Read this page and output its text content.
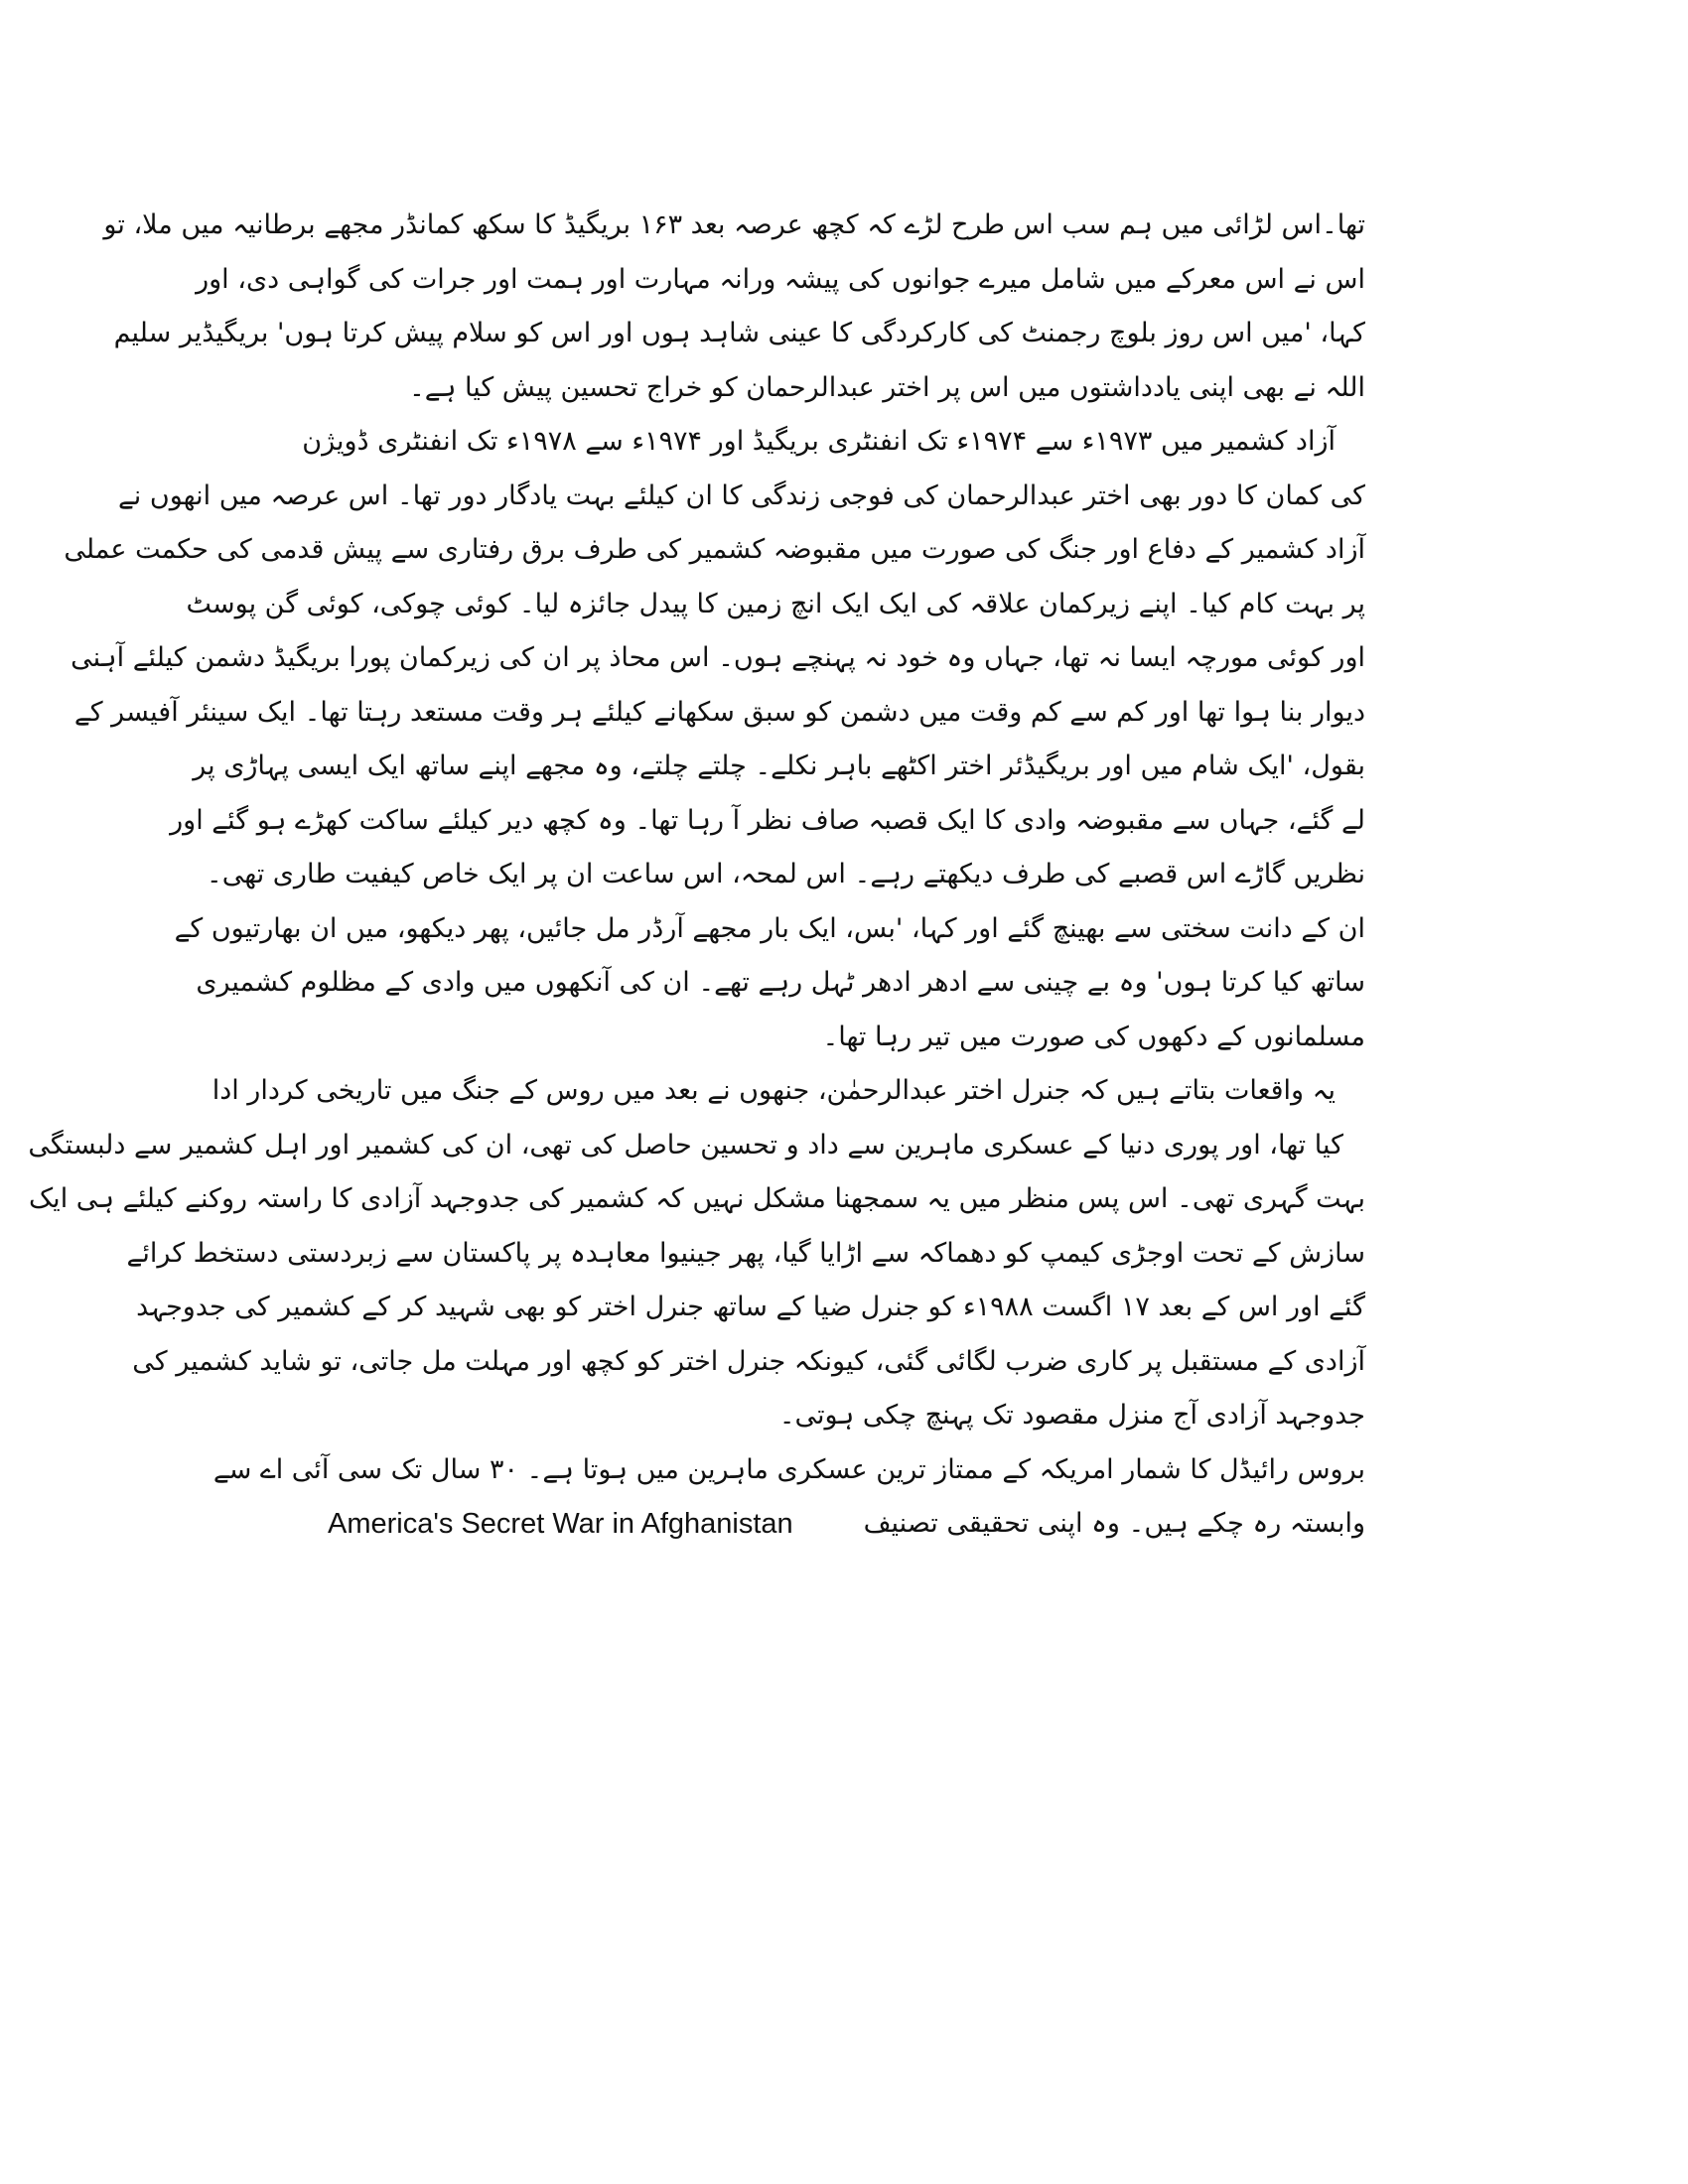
تھا۔اس لڑائی میں ہم سب اس طرح لڑے کہ کچھ عرصہ بعد ۱۶۳ بریگیڈ کا سکھ کمانڈر مجھے برطانیہ میں ملا، تو
اس نے اس معرکے میں شامل میرے جوانوں کی پیشہ ورانہ مہارت اور ہمت اور جرات کی گواہی دی، اور
کہا، 'میں اس روز بلوچ رجمنٹ کی کارکردگی کا عینی شاہد ہوں اور اس کو سلام پیش کرتا ہوں' بریگیڈیر سلیم
اللہ نے بھی اپنی یادداشتوں میں اس پر اختر عبدالرحمان کو خراج تحسین پیش کیا ہے۔
آزاد کشمیر میں ۱۹۷۳ء سے ۱۹۷۴ء تک انفنٹری بریگیڈ اور ۱۹۷۴ء سے ۱۹۷۸ء تک انفنٹری ڈویژن
کی کمان کا دور بھی اختر عبدالرحمان کی فوجی زندگی کا ان کیلئے بہت یادگار دور تھا۔ اس عرصہ میں انھوں نے
آزاد کشمیر کے دفاع اور جنگ کی صورت میں مقبوضہ کشمیر کی طرف برق رفتاری سے پیش قدمی کی حکمت عملی
پر بہت کام کیا۔ اپنے زیرکمان علاقہ کی ایک ایک انچ زمین کا پیدل جائزہ لیا۔ کوئی چوکی، کوئی گن پوسٹ
اور کوئی مورچہ ایسا نہ تھا، جہاں وہ خود نہ پہنچے ہوں۔ اس محاذ پر ان کی زیرکمان پورا بریگیڈ دشمن کیلئے آہنی
دیوار بنا ہوا تھا اور کم سے کم وقت میں دشمن کو سبق سکھانے کیلئے ہر وقت مستعد رہتا تھا۔ ایک سینئر آفیسر کے
بقول، 'ایک شام میں اور بریگیڈئر اختر اکٹھے باہر نکلے۔ چلتے چلتے، وہ مجھے اپنے ساتھ ایک ایسی پہاڑی پر
لے گئے، جہاں سے مقبوضہ وادی کا ایک قصبہ صاف نظر آ رہا تھا۔ وہ کچھ دیر کیلئے ساکت کھڑے ہو گئے اور
نظریں گاڑے اس قصبے کی طرف دیکھتے رہے۔ اس لمحہ، اس ساعت ان پر ایک خاص کیفیت طاری تھی۔
ان کے دانت سختی سے بھینچ گئے اور کہا، 'بس، ایک بار مجھے آرڈر مل جائیں، پھر دیکھو، میں ان بھارتیوں کے
ساتھ کیا کرتا ہوں' وہ بے چینی سے ادھر ادھر ٹہل رہے تھے۔ ان کی آنکھوں میں وادی کے مظلوم کشمیری
مسلمانوں کے دکھوں کی صورت میں تیر رہا تھا۔
یہ واقعات بتاتے ہیں کہ جنرل اختر عبدالرحمٰن، جنھوں نے بعد میں روس کے جنگ میں تاریخی کردار ادا
کیا تھا، اور پوری دنیا کے عسکری ماہرین سے داد و تحسین حاصل کی تھی، ان کی کشمیر اور اہل کشمیر سے دلبستگی
بہت گہری تھی۔ اس پس منظر میں یہ سمجھنا مشکل نہیں کہ کشمیر کی جدوجہد آزادی کا راستہ روکنے کیلئے ہی ایک
سازش کے تحت اوجڑی کیمپ کو دھماکہ سے اڑایا گیا، پھر جینیوا معاہدہ پر پاکستان سے زبردستی دستخط کرائے
گئے اور اس کے بعد ۱۷ اگست ۱۹۸۸ء کو جنرل ضیا کے ساتھ جنرل اختر کو بھی شہید کر کے کشمیر کی جدوجہد
آزادی کے مستقبل پر کاری ضرب لگائی گئی، کیونکہ جنرل اختر کو کچھ اور مہلت مل جاتی، تو شاید کشمیر کی
جدوجہد آزادی آج منزل مقصود تک پہنچ چکی ہوتی۔
بروس رائیڈل کا شمار امریکہ کے ممتاز ترین عسکری ماہرین میں ہوتا ہے۔ ۳۰ سال تک سی آئی اے سے
وابستہ رہ چکے ہیں۔ وہ اپنی تحقیقی تصنیف
America's Secret War in Afghanistan
